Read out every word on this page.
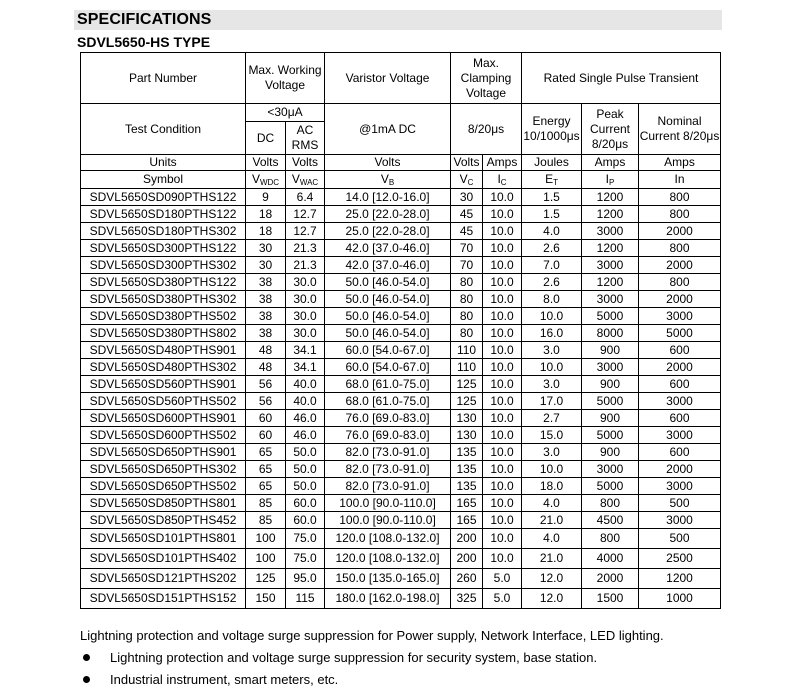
SPECIFICATIONS
SDVL5650-HS TYPE
Part Number	Max. Working Voltage		Varistor Voltage	Max. Clamping Voltage		Rated Single Pulse Transient		
Test Condition	<30μA		@1mA DC	8/20μs		Energy 10/1000μs	Peak Current 8/20μs	Nominal Current 8/20μs
	DC	AC RMS						
Units	Volts	Volts	Volts	Volts	Amps	Joules	Amps	Amps
Symbol	$V_{WDC}$	$V_{WAC}$	$V_B$	$V_C$	$I_C$	$E_T$	$I_P$	In
SDVL5650SD090PTHS122	9	6.4	14.0 [12.0-16.0]	30	10.0	1.5	1200	800
SDVL5650SD180PTHS122	18	12.7	25.0 [22.0-28.0]	45	10.0	1.5	1200	800
SDVL5650SD180PTHS302	18	12.7	25.0 [22.0-28.0]	45	10.0	4.0	3000	2000
SDVL5650SD300PTHS122	30	21.3	42.0 [37.0-46.0]	70	10.0	2.6	1200	800
SDVL5650SD300PTHS302	30	21.3	42.0 [37.0-46.0]	70	10.0	7.0	3000	2000
SDVL5650SD380PTHS122	38	30.0	50.0 [46.0-54.0]	80	10.0	2.6	1200	800
SDVL5650SD380PTHS302	38	30.0	50.0 [46.0-54.0]	80	10.0	8.0	3000	2000
SDVL5650SD380PTHS502	38	30.0	50.0 [46.0-54.0]	80	10.0	10.0	5000	3000
SDVL5650SD380PTHS802	38	30.0	50.0 [46.0-54.0]	80	10.0	16.0	8000	5000
SDVL5650SD480PTHS901	48	34.1	60.0 [54.0-67.0]	110	10.0	3.0	900	600
SDVL5650SD480PTHS302	48	34.1	60.0 [54.0-67.0]	110	10.0	10.0	3000	2000
SDVL5650SD560PTHS901	56	40.0	68.0 [61.0-75.0]	125	10.0	3.0	900	600
SDVL5650SD560PTHS502	56	40.0	68.0 [61.0-75.0]	125	10.0	17.0	5000	3000
SDVL5650SD600PTHS901	60	46.0	76.0 [69.0-83.0]	130	10.0	2.7	900	600
SDVL5650SD600PTHS502	60	46.0	76.0 [69.0-83.0]	130	10.0	15.0	5000	3000
SDVL5650SD650PTHS901	65	50.0	82.0 [73.0-91.0]	135	10.0	3.0	900	600
SDVL5650SD650PTHS302	65	50.0	82.0 [73.0-91.0]	135	10.0	10.0	3000	2000
SDVL5650SD650PTHS502	65	50.0	82.0 [73.0-91.0]	135	10.0	18.0	5000	3000
SDVL5650SD850PTHS801	85	60.0	100.0 [90.0-110.0]	165	10.0	4.0	800	500
SDVL5650SD850PTHS452	85	60.0	100.0 [90.0-110.0]	165	10.0	21.0	4500	3000
SDVL5650SD101PTHS801	100	75.0	120.0 [108.0-132.0]	200	10.0	4.0	800	500
SDVL5650SD101PTHS402	100	75.0	120.0 [108.0-132.0]	200	10.0	21.0	4000	2500
SDVL5650SD121PTHS202	125	95.0	150.0 [135.0-165.0]	260	5.0	12.0	2000	1200
SDVL5650SD151PTHS152	150	115	180.0 [162.0-198.0]	325	5.0	12.0	1500	1000
Lightning protection and voltage surge suppression for Power supply, Network Interface, LED lighting.
Lightning protection and voltage surge suppression for security system, base station.
Industrial instrument, smart meters, etc.
